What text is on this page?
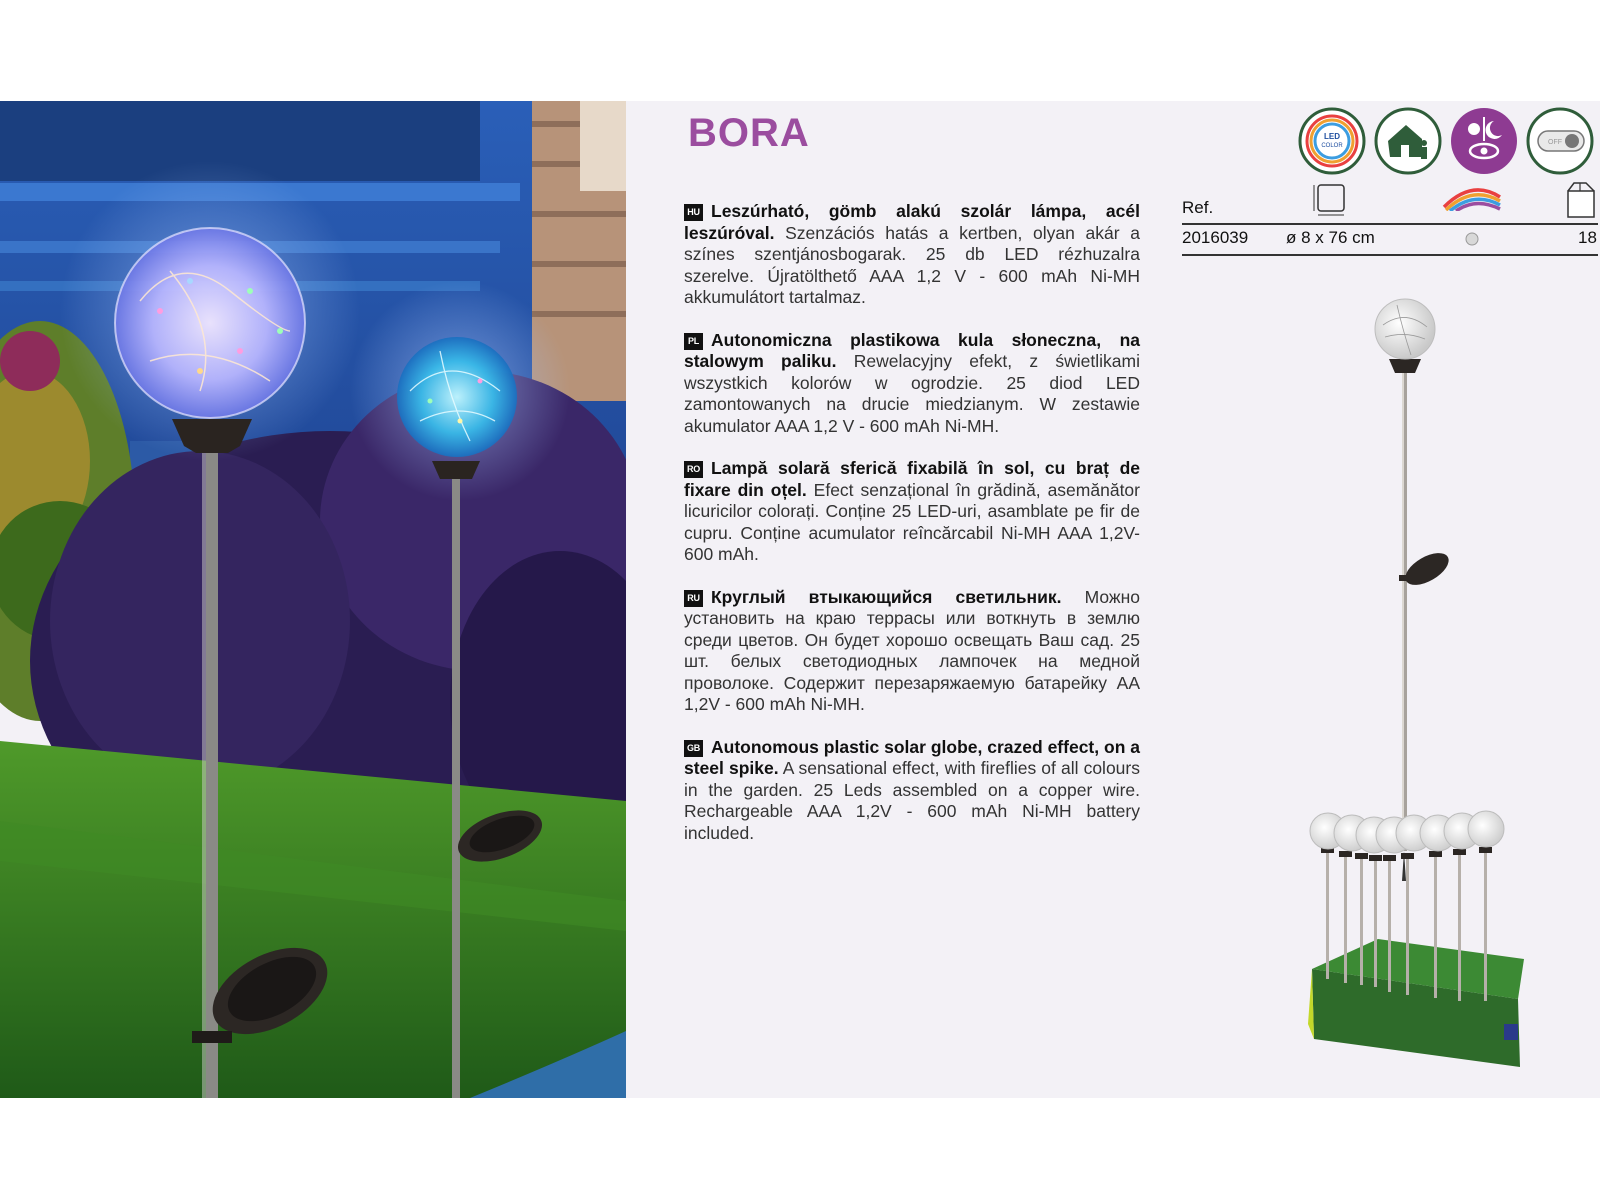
BORA	LED
COLOR	OFF
Ref.
2016039 ø 8 x 76 cm	18

HU Leszúrható, gömb alakú szolár lámpa, acél leszúróval. Szenzációs hatás a kertben, olyan akár a színes szentjánosbogarak. 25 db LED rézhuzalra szerelve. Újratölthető AAA 1,2 V - 600 mAh Ni-MH akkumulátort tartalmaz.

PL Autonomiczna plastikowa kula słoneczna, na stalowym paliku. Rewelacyjny efekt, z świetlikami wszystkich kolorów w ogrodzie. 25 diod LED zamontowanych na drucie miedzianym. W zestawie akumulator AAA 1,2 V - 600 mAh Ni-MH.

RO Lampă solară sferică fixabilă în sol, cu braț de fixare din oțel. Efect senzațional în grădină, asemănător licuricilor colorați. Conține 25 LED-uri, asamblate pe fir de cupru. Conține acumulator reîncărcabil Ni-MH AAA 1,2V- 600 mAh.

RU Круглый втыкающийся светильник. Можно установить на краю террасы или воткнуть в землю среди цветов. Он будет хорошо освещать Ваш сад. 25 шт. белых светодиодных лампочек на медной проволоке. Содержит перезаряжаемую батарейку AA 1,2V - 600 mAh Ni-MH.

GB Autonomous plastic solar globe, crazed effect, on a steel spike. A sensational effect, with fireflies of all colours in the garden. 25 Leds assembled on a copper wire. Rechargeable AAA 1,2V - 600 mAh Ni-MH battery included.
